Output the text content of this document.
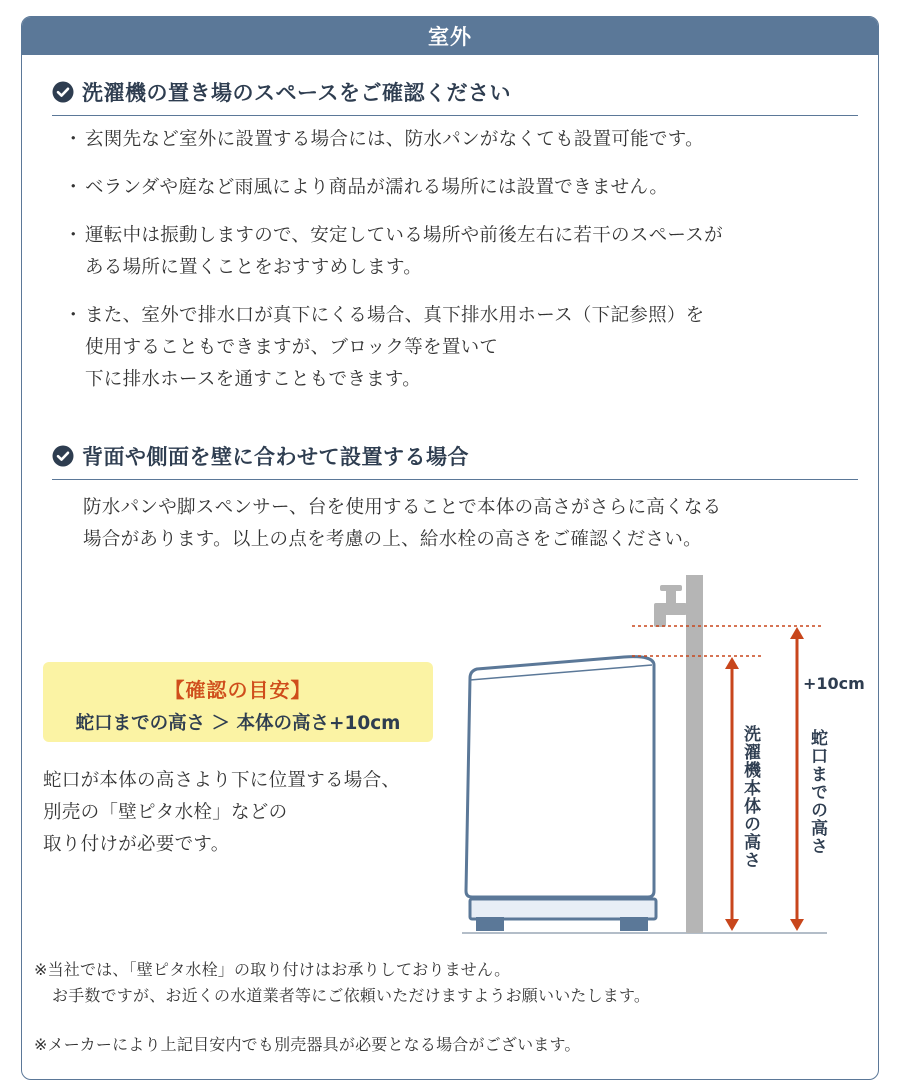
室外
洗濯機の置き場のスペースをご確認ください
・ 玄関先など室外に設置する場合には、防水パンがなくても設置可能です。
・ ベランダや庭など雨風により商品が濡れる場所には設置できません。
・ 運転中は振動しますので、安定している場所や前後左右に若干のスペースが
ある場所に置くことをおすすめします。
・ また、室外で排水口が真下にくる場合、真下排水用ホース（下記参照）を
使用することもできますが、ブロック等を置いて
下に排水ホースを通すこともできます。
背面や側面を壁に合わせて設置する場合
防水パンや脚スペンサー、台を使用することで本体の高さがさらに高くなる
場合があります。以上の点を考慮の上、給水栓の高さをご確認ください。
【確認の目安】
蛇口までの高さ ＞ 本体の高さ+10cm
蛇口が本体の高さより下に位置する場合、
別売の「壁ピタ水栓」などの
取り付けが必要です。	洗濯機本体の高さ	蛇口までの高さ
+10cm
※当社では、「壁ピタ水栓」の取り付けはお承りしておりません。
お手数ですが、お近くの水道業者等にご依頼いただけますようお願いいたします。
※メーカーにより上記目安内でも別売器具が必要となる場合がございます。
